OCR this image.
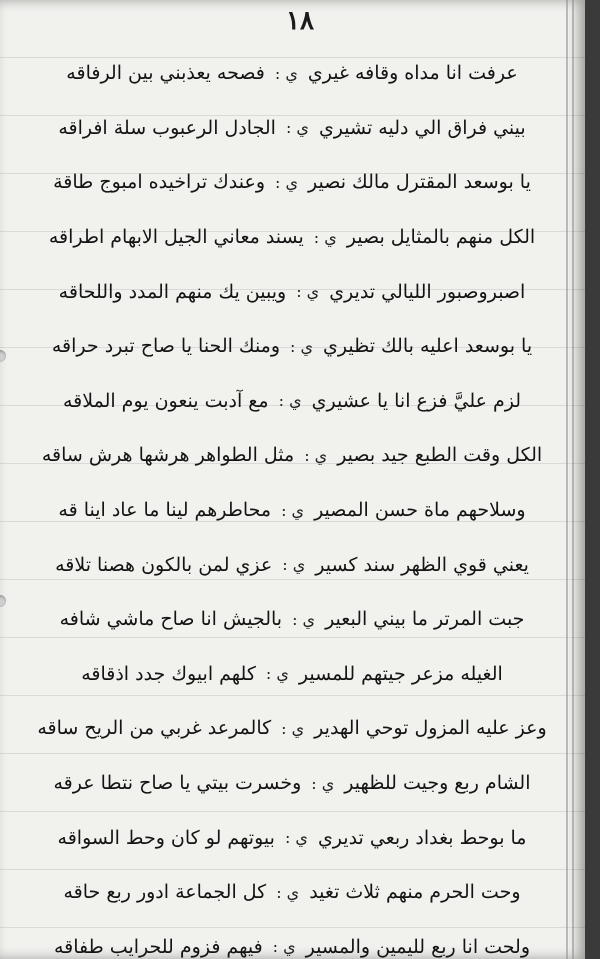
١٨
عرفت انا مداه وقافه غيري
ي :
فصحه يعذبني بين الرفاقه
بيني فراق الي دليه تشيري
ي :
الجادل الرعبوب سلة افراقه
يا بوسعد المقترل مالك نصير
ي :
وعندك تراخيده امبوج طاقة
الكل منهم بالمثايل بصير
ي :
يسند معاني الجيل الابهام اطراقه
اصبروصبور الليالي تديري
ي :
ويبين يك منهم المدد واللحاقه
يا بوسعد اعليه بالك تظيري
ي :
ومنك الحنا يا صاح تبرد حراقه
لزم عليَّ فزع انا يا عشيري
ي :
مع آدبت ينعون يوم الملاقه
الكل وقت الطبع جيد بصير
ي :
مثل الطواهر هرشها هرش ساقه
وسلاحهم ماة حسن المصير
ي :
محاطرهم لينا ما عاد اينا قه
يعني قوي الظهر سند كسير
ي :
عزي لمن بالكون هصنا تلاقه
جبت المرتر ما بيني البعير
ي :
بالجيش انا صاح ماشي شافه
الغيله مزعر جيتهم للمسير
ي :
كلهم ابيوك جدد اذقاقه
وعز عليه المزول توحي الهدير
ي :
كالمرعد غربي من الريح ساقه
الشام ربع وجيت للظهير
ي :
وخسرت بيتي يا صاح نتطا عرقه
ما بوحط بغداد ربعي تديري
ي :
بيوتهم لو كان وحط السواقه
وحت الحرم منهم ثلاث تغيد
ي :
كل الجماعة ادور ربع حاقه
ولحت انا ربع لليمين والمسير
ي :
فيهم فزوم للحرايب طفاقه
